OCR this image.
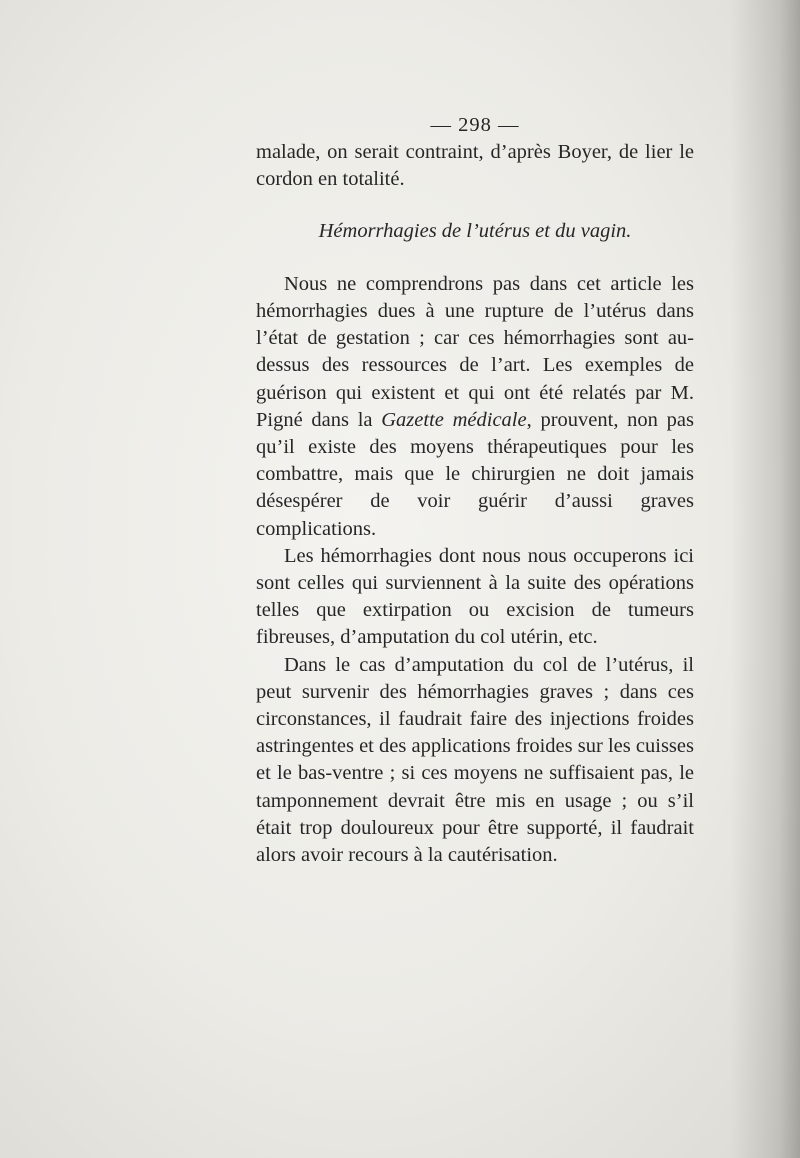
— 298 —

malade, on serait contraint, d’après Boyer, de lier le cordon en totalité.

Hémorrhagies de l’utérus et du vagin.

Nous ne comprendrons pas dans cet article les hémorrhagies dues à une rupture de l’utérus dans l’état de gestation ; car ces hémorrhagies sont au-dessus des ressources de l’art. Les exemples de guérison qui existent et qui ont été relatés par M. Pigné dans la Gazette médicale, prouvent, non pas qu’il existe des moyens thérapeutiques pour les combattre, mais que le chirurgien ne doit jamais désespérer de voir guérir d’aussi graves complications.

Les hémorrhagies dont nous nous occuperons ici sont celles qui surviennent à la suite des opérations telles que extirpation ou excision de tumeurs fibreuses, d’amputation du col utérin, etc.

Dans le cas d’amputation du col de l’utérus, il peut survenir des hémorrhagies graves ; dans ces circonstances, il faudrait faire des injections froides astringentes et des applications froides sur les cuisses et le bas-ventre ; si ces moyens ne suffisaient pas, le tamponnement devrait être mis en usage ; ou s’il était trop douloureux pour être supporté, il faudrait alors avoir recours à la cautérisation.
